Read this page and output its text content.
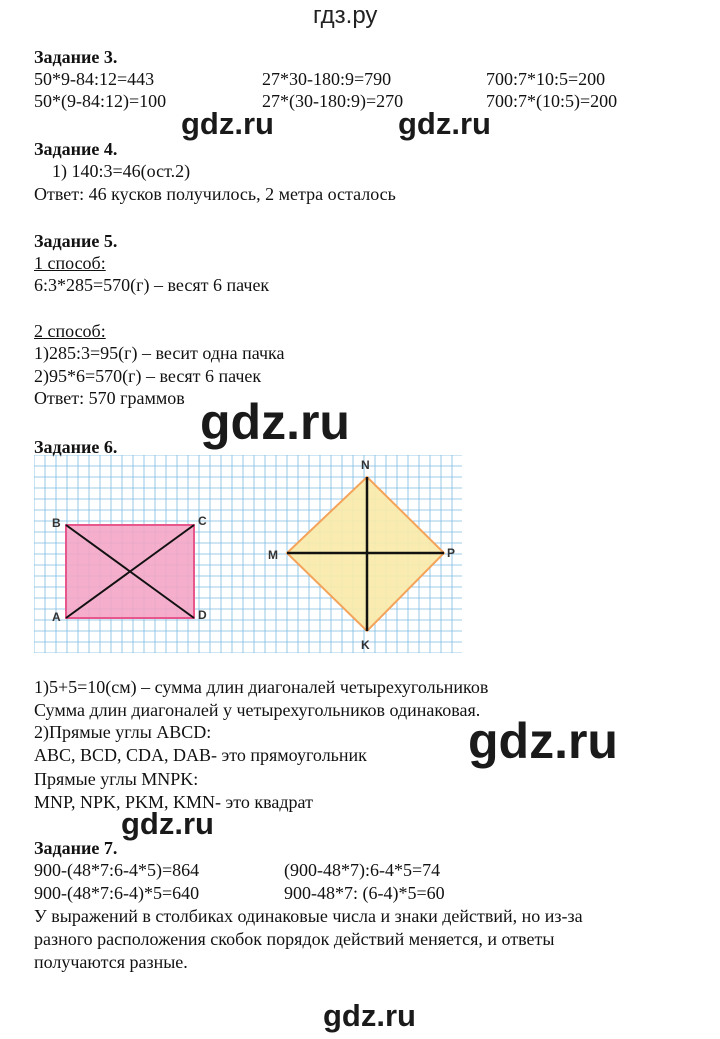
гдз.ру
Задание 3.
50*9-84:12=443	27*30-180:9=790	700:7*10:5=200
50*(9-84:12)=100	27*(30-180:9)=270	700:7*(10:5)=200
gdz.ru	gdz.ru
Задание 4.
1) 140:3=46(ост.2)
Ответ: 46 кусков получилось, 2 метра осталось
Задание 5.
1 способ:
6:3*285=570(г) – весят 6 пачек
2 способ:
1)285:3=95(г) – весит одна пачка
2)95*6=570(г) – весят 6 пачек
Ответ: 570 граммов gdz.ru
Задание 6.
B	C
A	D
N
P
K
M
1)5+5=10(см) – сумма длин диагоналей четырехугольников
Сумма длин диагоналей у четырехугольников одинаковая.
2)Прямые углы ABCD:
ABC, BCD, CDA, DAB- это прямоугольник
Прямые углы MNPK:
MNP, NPK, PKM, KMN- это квадрат
gdz.ru
gdz.ru
Задание 7.
900-(48*7:6-4*5)=864	(900-48*7):6-4*5=74
900-(48*7:6-4)*5=640	900-48*7: (6-4)*5=60
У выражений в столбиках одинаковые числа и знаки действий, но из-за
разного расположения скобок порядок действий меняется, и ответы
получаются разные.
gdz.ru
